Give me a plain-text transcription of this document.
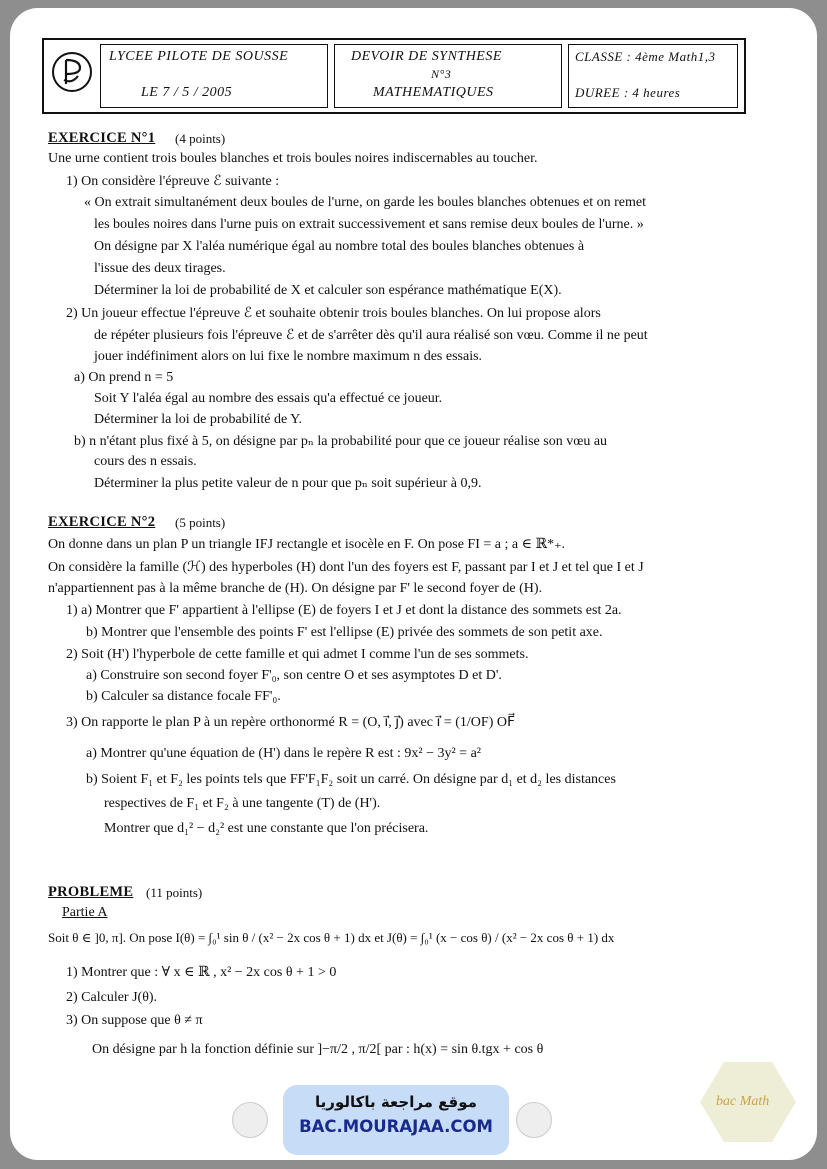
LYCEE PILOTE DE SOUSSE
LE 7 / 5 / 2005
DEVOIR DE SYNTHESE
N°3
MATHEMATIQUES
CLASSE : 4ème Math1,3
DUREE : 4 heures
EXERCICE N°1 (4 points)
Une urne contient trois boules blanches et trois boules noires indiscernables au toucher.
1) On considère l'épreuve ℰ suivante :
« On extrait simultanément deux boules de l'urne, on garde les boules blanches obtenues et on remet
les boules noires dans l'urne puis on extrait successivement et sans remise deux boules de l'urne. »
On désigne par X l'aléa numérique égal au nombre total des boules blanches obtenues à
l'issue des deux tirages.
Déterminer la loi de probabilité de X et calculer son espérance mathématique E(X).
2) Un joueur effectue l'épreuve ℰ et souhaite obtenir trois boules blanches. On lui propose alors
de répéter plusieurs fois l'épreuve ℰ et de s'arrêter dès qu'il aura réalisé son vœu. Comme il ne peut
jouer indéfiniment alors on lui fixe le nombre maximum n des essais.
a) On prend n = 5
Soit Y l'aléa égal au nombre des essais qu'a effectué ce joueur.
Déterminer la loi de probabilité de Y.
b) n n'étant plus fixé à 5, on désigne par pₙ la probabilité pour que ce joueur réalise son vœu au
cours des n essais.
Déterminer la plus petite valeur de n pour que pₙ soit supérieur à 0,9.
EXERCICE N°2 (5 points)
On donne dans un plan P un triangle IFJ rectangle et isocèle en F. On pose FI = a ; a ∈ ℝ*₊.
On considère la famille (ℋ) des hyperboles (H) dont l'un des foyers est F, passant par I et J et tel que I et J
n'appartiennent pas à la même branche de (H). On désigne par F' le second foyer de (H).
1) a) Montrer que F' appartient à l'ellipse (E) de foyers I et J et dont la distance des sommets est 2a.
b) Montrer que l'ensemble des points F' est l'ellipse (E) privée des sommets de son petit axe.
2) Soit (H') l'hyperbole de cette famille et qui admet I comme l'un de ses sommets.
a) Construire son second foyer F'₀, son centre O et ses asymptotes D et D'.
b) Calculer sa distance focale FF'₀.
3) On rapporte le plan P à un repère orthonormé R = (O, i⃗, j⃗) avec i⃗ = (1/OF) OF⃗
a) Montrer qu'une équation de (H') dans le repère R est : 9x² − 3y² = a²
b) Soient F₁ et F₂ les points tels que FF'F₁F₂ soit un carré. On désigne par d₁ et d₂ les distances
respectives de F₁ et F₂ à une tangente (T) de (H').
Montrer que d₁² − d₂² est une constante que l'on précisera.
PROBLEME (11 points)
Partie A
Soit θ ∈ ]0, π]. On pose I(θ) = ∫₀¹ sin θ / (x² − 2x cos θ + 1) dx et J(θ) = ∫₀¹ (x − cos θ) / (x² − 2x cos θ + 1) dx
1) Montrer que : ∀ x ∈ ℝ , x² − 2x cos θ + 1 > 0
2) Calculer J(θ).
3) On suppose que θ ≠ π
On désigne par h la fonction définie sur ]−π/2 , π/2[ par : h(x) = sin θ.tgx + cos θ
موقع مراجعة باكالوريا
BAC.MOURAJAA.COM
bac Math
